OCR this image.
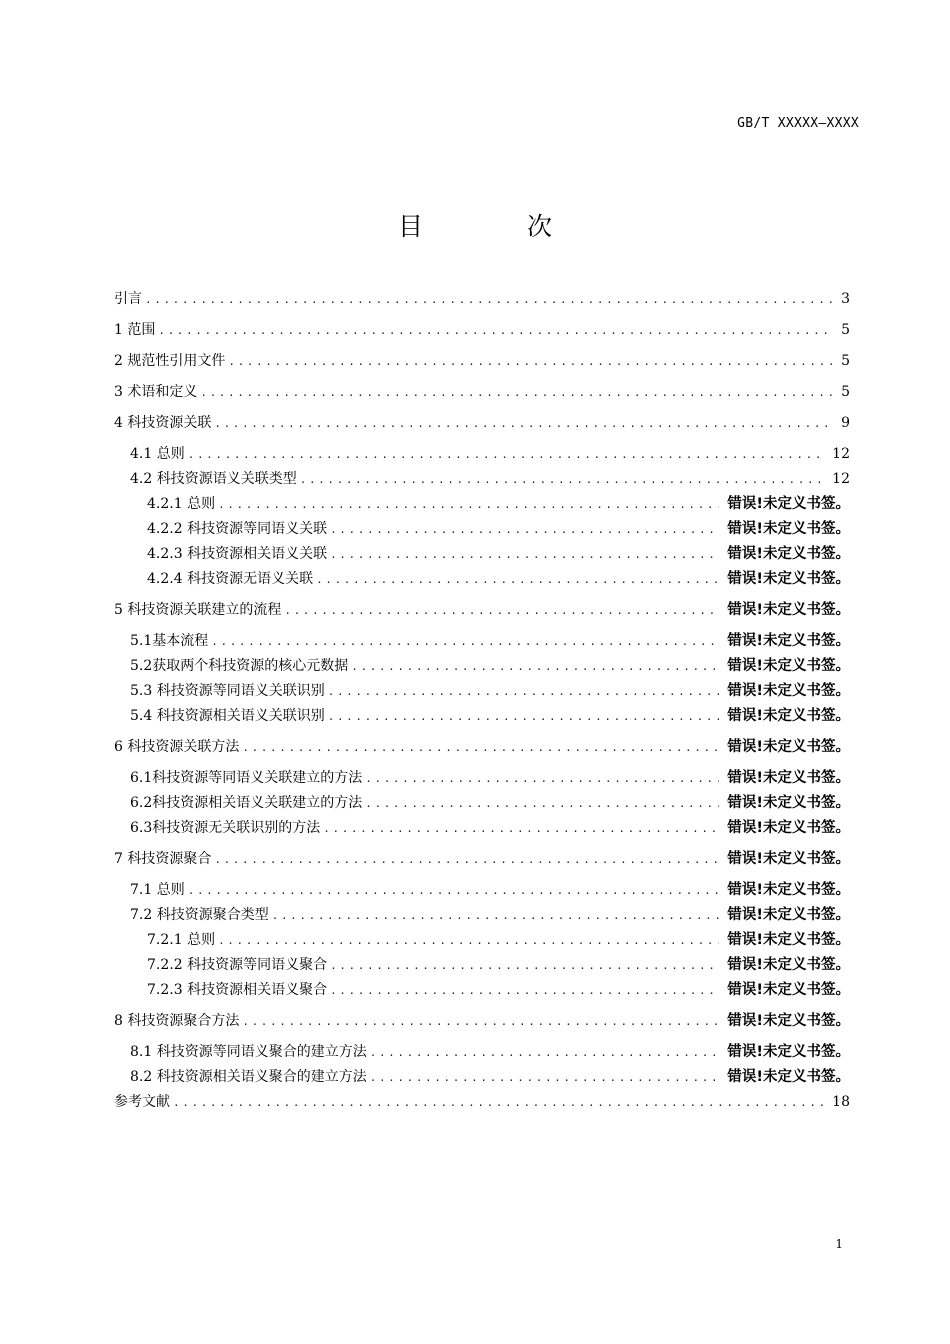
GB/T XXXXX—XXXX
目 次
引言 .....	3
1 范围 .....	5
2 规范性引用文件 .....	5
3 术语和定义 .....	5
4 科技资源关联 .....	9
4.1 总则 .....	12
4.2 科技资源语义关联类型 .....	12
4.2.1 总则 .....	错误!未定义书签。
4.2.2 科技资源等同语义关联 .....	错误!未定义书签。
4.2.3 科技资源相关语义关联 .....	错误!未定义书签。
4.2.4 科技资源无语义关联 .....	错误!未定义书签。
5 科技资源关联建立的流程 .....	错误!未定义书签。
5.1基本流程 .....	错误!未定义书签。
5.2获取两个科技资源的核心元数据 .....	错误!未定义书签。
5.3 科技资源等同语义关联识别 .....	错误!未定义书签。
5.4 科技资源相关语义关联识别 .....	错误!未定义书签。
6 科技资源关联方法 .....	错误!未定义书签。
6.1科技资源等同语义关联建立的方法 .....	错误!未定义书签。
6.2科技资源相关语义关联建立的方法 .....	错误!未定义书签。
6.3科技资源无关联识别的方法 .....	错误!未定义书签。
7 科技资源聚合 .....	错误!未定义书签。
7.1 总则 .....	错误!未定义书签。
7.2 科技资源聚合类型 .....	错误!未定义书签。
7.2.1 总则 .....	错误!未定义书签。
7.2.2 科技资源等同语义聚合 .....	错误!未定义书签。
7.2.3 科技资源相关语义聚合 .....	错误!未定义书签。
8 科技资源聚合方法 .....	错误!未定义书签。
8.1 科技资源等同语义聚合的建立方法 .....	错误!未定义书签。
8.2 科技资源相关语义聚合的建立方法 .....	错误!未定义书签。
参考文献 .....	18
1
